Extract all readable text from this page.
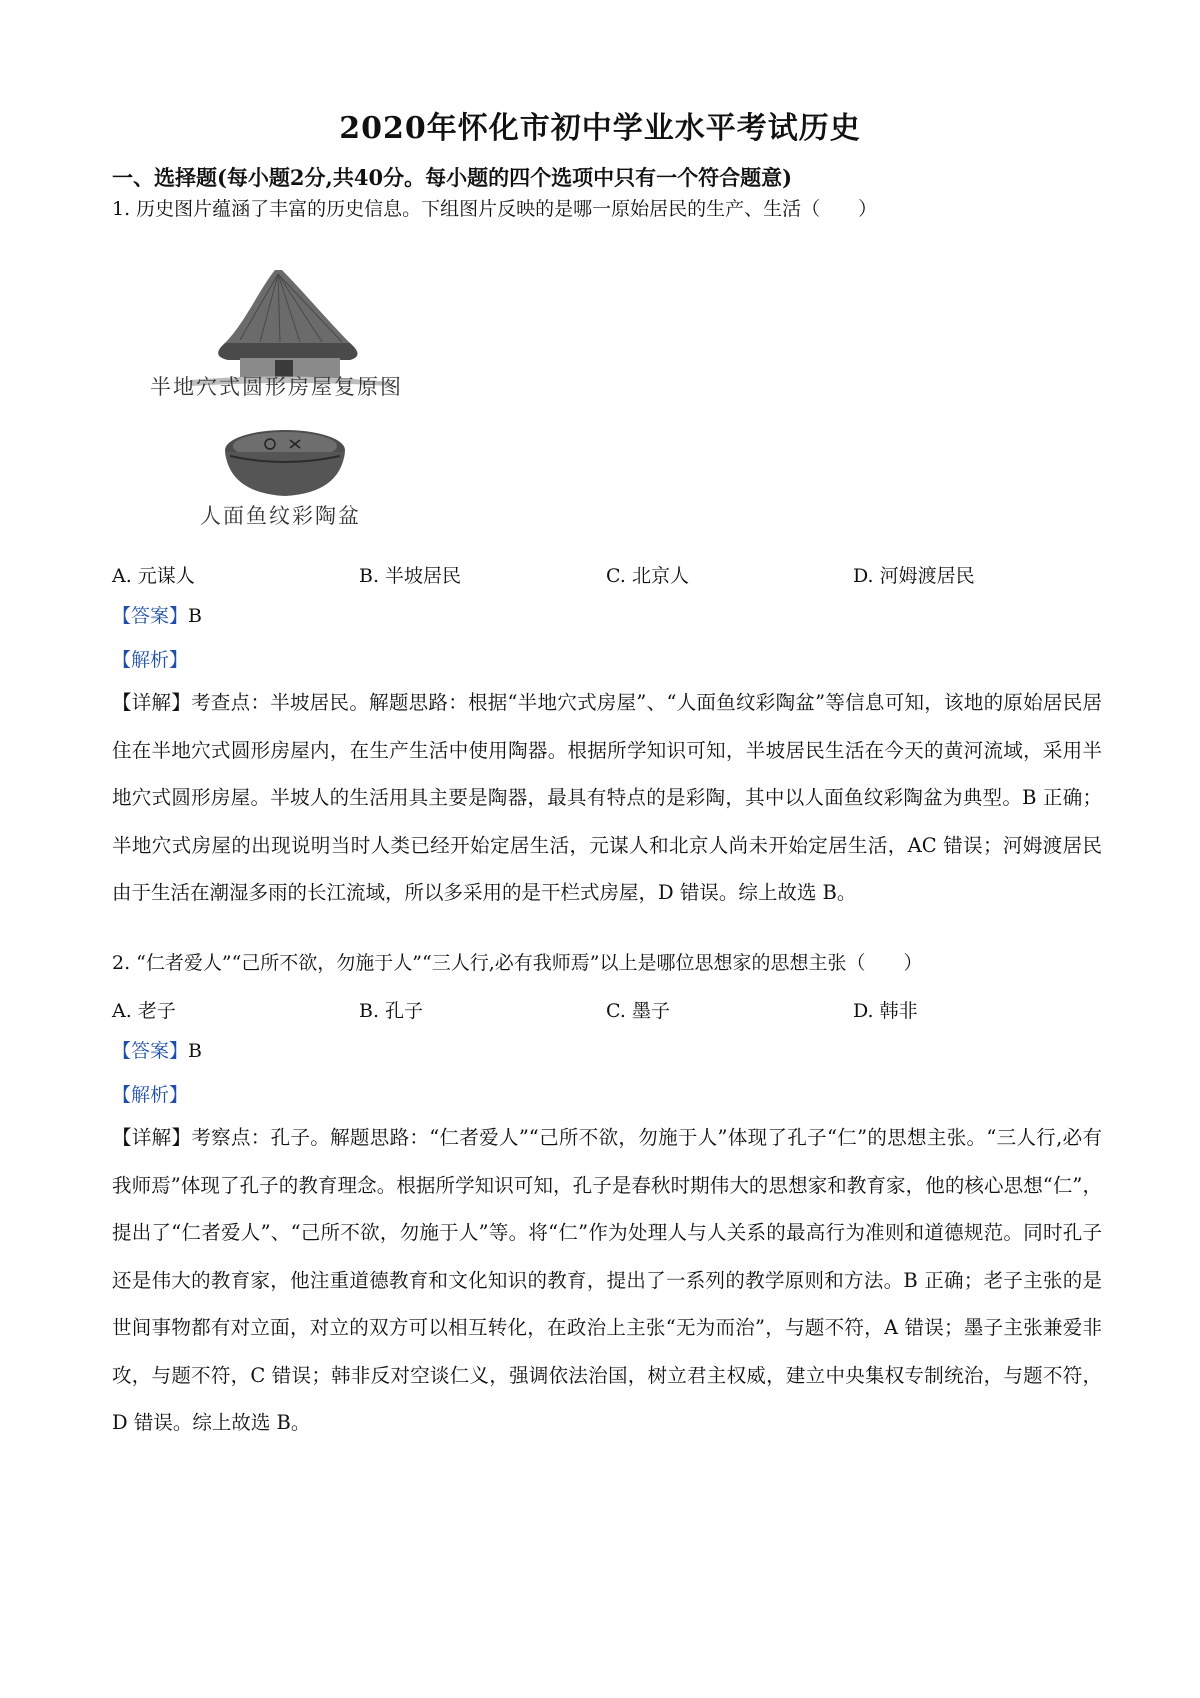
2020年怀化市初中学业水平考试历史
一、选择题(每小题2分,共40分。每小题的四个选项中只有一个符合题意)
1. 历史图片蕴涵了丰富的历史信息。下组图片反映的是哪一原始居民的生产、生活（　　）
半地穴式圆形房屋复原图
人面鱼纹彩陶盆
A. 元谋人	B. 半坡居民	C. 北京人	D. 河姆渡居民
【答案】B
【解析】
【详解】考查点：半坡居民。解题思路：根据“半地穴式房屋”、“人面鱼纹彩陶盆”等信息可知，该地的原始居民居住在半地穴式圆形房屋内，在生产生活中使用陶器。根据所学知识可知，半坡居民生活在今天的黄河流域，采用半地穴式圆形房屋。半坡人的生活用具主要是陶器，最具有特点的是彩陶，其中以人面鱼纹彩陶盆为典型。B 正确；半地穴式房屋的出现说明当时人类已经开始定居生活，元谋人和北京人尚未开始定居生活，AC 错误；河姆渡居民由于生活在潮湿多雨的长江流域，所以多采用的是干栏式房屋，D 错误。综上故选 B。
2. “仁者爱人”“己所不欲，勿施于人”“三人行,必有我师焉”以上是哪位思想家的思想主张（　　）
A. 老子	B. 孔子	C. 墨子	D. 韩非
【答案】B
【解析】
【详解】考察点：孔子。解题思路：“仁者爱人”“己所不欲，勿施于人”体现了孔子“仁”的思想主张。“三人行,必有我师焉”体现了孔子的教育理念。根据所学知识可知，孔子是春秋时期伟大的思想家和教育家，他的核心思想“仁”，提出了“仁者爱人”、“己所不欲，勿施于人”等。将“仁”作为处理人与人关系的最高行为准则和道德规范。同时孔子还是伟大的教育家，他注重道德教育和文化知识的教育，提出了一系列的教学原则和方法。B 正确；老子主张的是世间事物都有对立面，对立的双方可以相互转化，在政治上主张“无为而治”，与题不符，A 错误；墨子主张兼爱非攻，与题不符，C 错误；韩非反对空谈仁义，强调依法治国，树立君主权威，建立中央集权专制统治，与题不符，D 错误。综上故选 B。
